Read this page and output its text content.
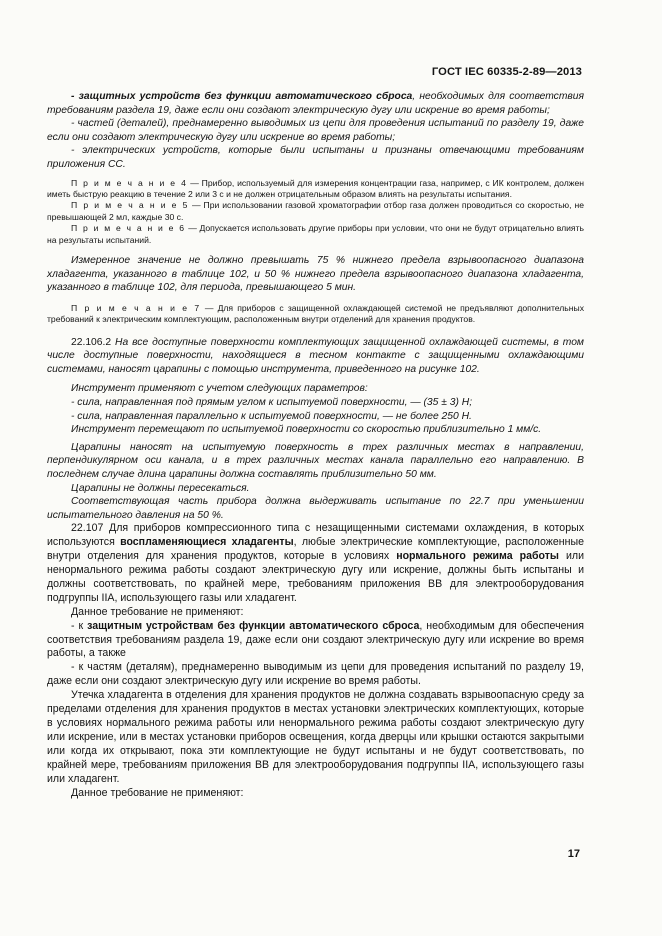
ГОСТ IEC 60335-2-89—2013

- защитных устройств без функции автоматического сброса, необходимых для соответствия требованиям раздела 19, даже если они создают электрическую дугу или искрение во время работы;

- частей (деталей), преднамеренно выводимых из цепи для проведения испытаний по разделу 19, даже если они создают электрическую дугу или искрение во время работы;

- электрических устройств, которые были испытаны и признаны отвечающими требованиям приложения СС.

П р и м е ч а н и е 4 — Прибор, используемый для измерения концентрации газа, например, с ИК контролем, должен иметь быструю реакцию в течение 2 или 3 с и не должен отрицательным образом влиять на результаты испытания.

П р и м е ч а н и е 5 — При использовании газовой хроматографии отбор газа должен проводиться со скоростью, не превышающей 2 мл, каждые 30 с.

П р и м е ч а н и е 6 — Допускается использовать другие приборы при условии, что они не будут отрицательно влиять на результаты испытаний.

Измеренное значение не должно превышать 75 % нижнего предела взрывоопасного диапазона хладагента, указанного в таблице 102, и 50 % нижнего предела взрывоопасного диапазона хладагента, указанного в таблице 102, для периода, превышающего 5 мин.

П р и м е ч а н и е 7 — Для приборов с защищенной охлаждающей системой не предъявляют дополнительных требований к электрическим комплектующим, расположенным внутри отделений для хранения продуктов.

22.106.2 На все доступные поверхности комплектующих защищенной охлаждающей системы, в том числе доступные поверхности, находящиеся в тесном контакте с защищенными охлаждающими системами, наносят царапины с помощью инструмента, приведенного на рисунке 102.

Инструмент применяют с учетом следующих параметров:

- сила, направленная под прямым углом к испытуемой поверхности, — (35 ± 3) Н;

- сила, направленная параллельно к испытуемой поверхности, — не более 250 Н.

Инструмент перемещают по испытуемой поверхности со скоростью приблизительно 1 мм/с.

Царапины наносят на испытуемую поверхность в трех различных местах в направлении, перпендикулярном оси канала, и в трех различных местах канала параллельно его направлению. В последнем случае длина царапины должна составлять приблизительно 50 мм.

Царапины не должны пересекаться.

Соответствующая часть прибора должна выдерживать испытание по 22.7 при уменьшении испытательного давления на 50 %.

22.107 Для приборов компрессионного типа с незащищенными системами охлаждения, в которых используются воспламеняющиеся хладагенты, любые электрические комплектующие, расположенные внутри отделения для хранения продуктов, которые в условиях нормального режима работы или ненормального режима работы создают электрическую дугу или искрение, должны быть испытаны и должны соответствовать, по крайней мере, требованиям приложения ВВ для электрооборудования подгруппы IIA, использующего газы или хладагент.

Данное требование не применяют:

- к защитным устройствам без функции автоматического сброса, необходимым для обеспечения соответствия требованиям раздела 19, даже если они создают электрическую дугу или искрение во время работы, а также

- к частям (деталям), преднамеренно выводимым из цепи для проведения испытаний по разделу 19, даже если они создают электрическую дугу или искрение во время работы.

Утечка хладагента в отделения для хранения продуктов не должна создавать взрывоопасную среду за пределами отделения для хранения продуктов в местах установки электрических комплектующих, которые в условиях нормального режима работы или ненормального режима работы создают электрическую дугу или искрение, или в местах установки приборов освещения, когда дверцы или крышки остаются закрытыми или когда их открывают, пока эти комплектующие не будут испытаны и не будут соответствовать, по крайней мере, требованиям приложения ВВ для электрооборудования подгруппы IIA, использующего газы или хладагент.

Данное требование не применяют:

17
